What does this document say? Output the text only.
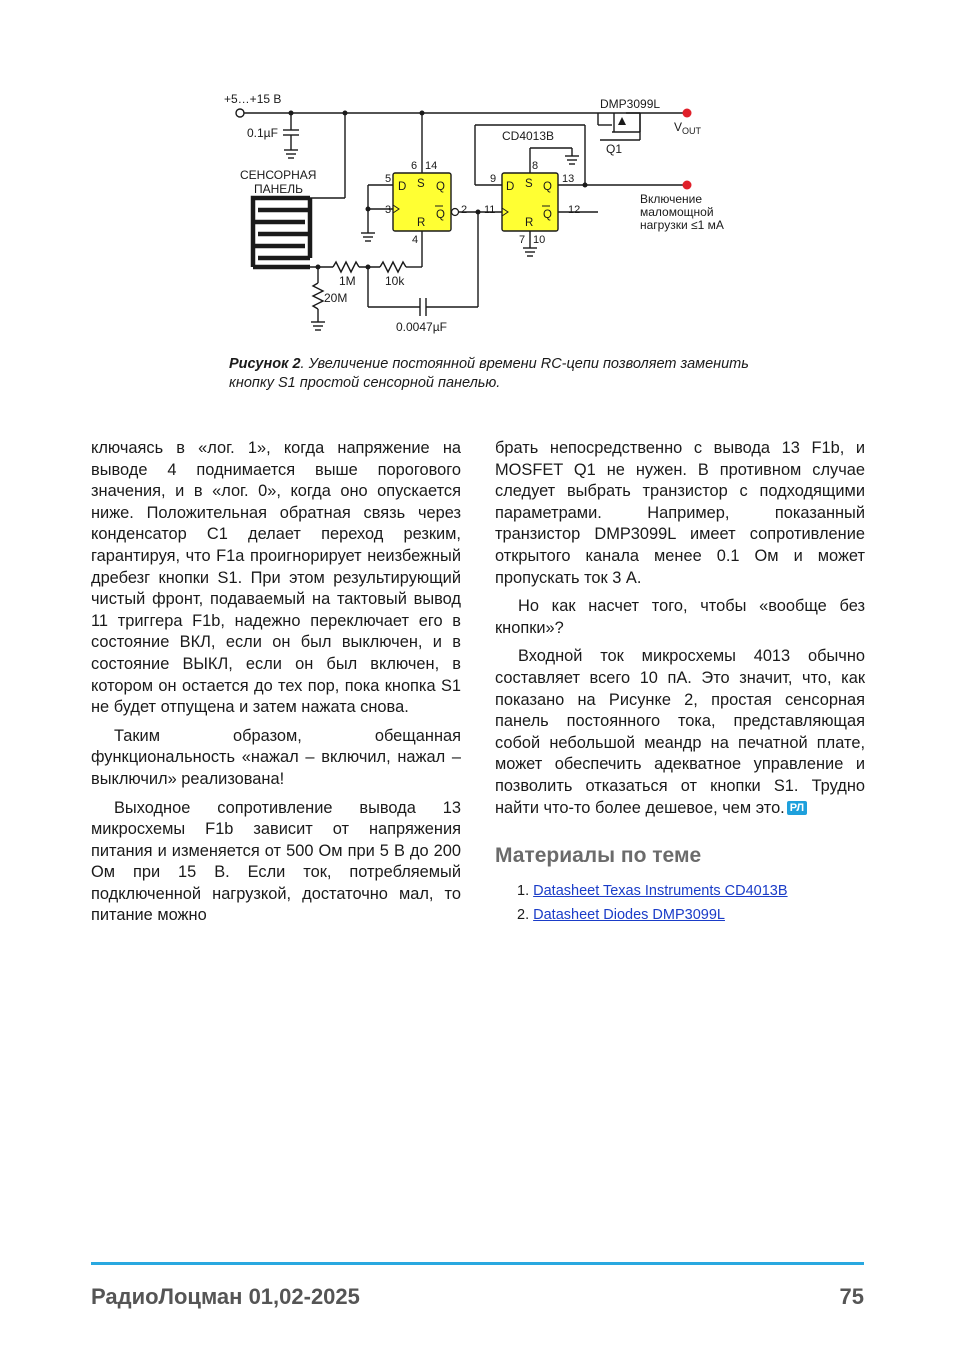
+5…+15 В
0.1µF
СЕНСОРНАЯ
ПАНЕЛЬ
CD4013B
DMP3099L
Q1
$V_{OUT}$
Включение
маломощной
нагрузки ≤1 мА
1M 10k
20M
0.0047µF
5
6 14
3
4
2
9
8
13
11	12
7 10
D S Q
R
Q
D S Q
R
Q
Рисунок 2. Увеличение постоянной времени RC-цепи позволяет заменить кнопку S1 простой сенсорной панелью.

ключаясь в «лог. 1», когда напряжение на выводе 4 поднимается выше порогового значения, и в «лог. 0», когда оно опускается ниже. Положительная обратная связь через конденсатор C1 делает переход резким, гарантируя, что F1a проигнорирует неизбежный дребезг кнопки S1. При этом результирующий чистый фронт, подаваемый на тактовый вывод 11 триггера F1b, надежно переключает его в состояние ВКЛ, если он был выключен, и в состояние ВЫКЛ, если он был включен, в котором он остается до тех пор, пока кнопка S1 не будет отпущена и затем нажата снова.

Таким образом, обещанная функциональность «нажал – включил, нажал – выключил» реализована!

Выходное сопротивление вывода 13 микросхемы F1b зависит от напряжения питания и изменяется от 500 Ом при 5 В до 200 Ом при 15 В. Если ток, потребляемый подключенной нагрузкой, достаточно мал, то питание можно

брать непосредственно с вывода 13 F1b, и MOSFET Q1 не нужен. В противном случае следует выбрать транзистор с подходящими параметрами. Например, показанный транзистор DMP3099L имеет сопротивление открытого канала менее 0.1 Ом и может пропускать ток 3 А.

Но как насчет того, чтобы «вообще без кнопки»?

Входной ток микросхемы 4013 обычно составляет всего 10 пА. Это значит, что, как показано на Рисунке 2, простая сенсорная панель постоянного тока, представляющая собой небольшой меандр на печатной плате, может обеспечить адекватное управление и позволить отказаться от кнопки S1. Трудно найти что-то более дешевое, чем это. РЛ

Материалы по теме
1. Datasheet Texas Instruments CD4013B
2. Datasheet Diodes DMP3099L
РадиоЛоцман 01,02-2025	75
